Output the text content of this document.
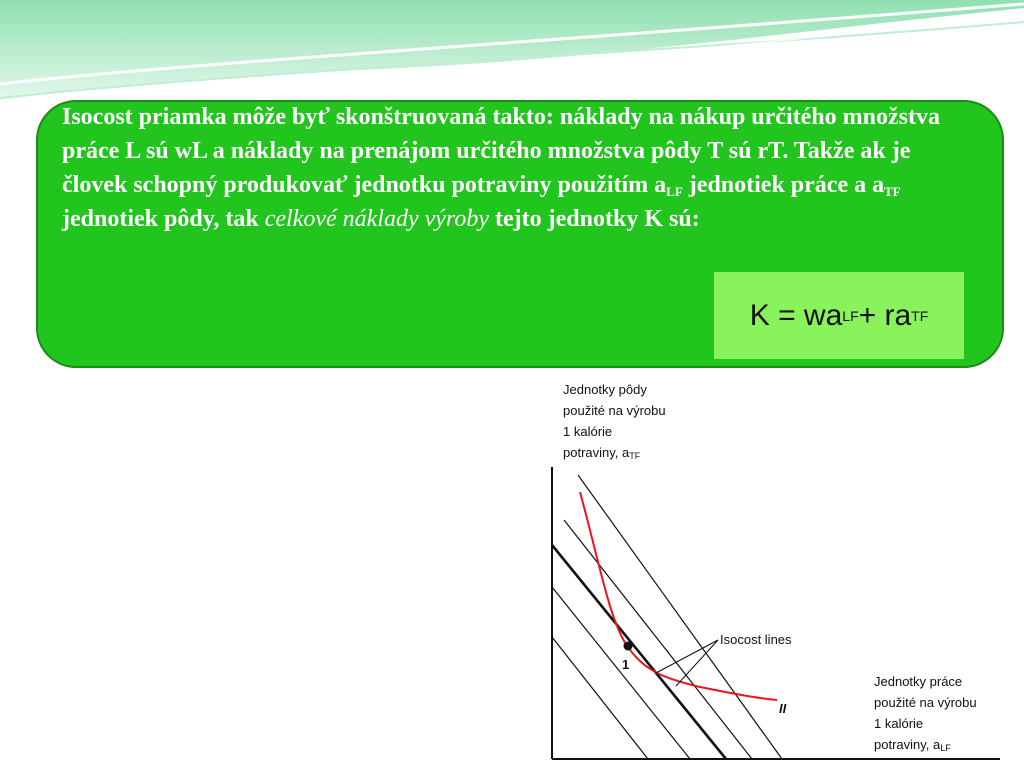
Isocost priamka môže byť skonštruovaná takto: náklady na nákup určitého množstva práce L sú wL a náklady na prenájom určitého množstva pôdy T sú rT. Takže ak je človek schopný produkovať jednotku potraviny použitím $a_{LF}$ jednotiek práce a $a_{TF}$ jednotiek pôdy, tak celkové náklady výroby tejto jednotky K sú:

K = wa LF + ra TF
Jednotky pôdy použité na výrobu 1 kalórie potraviny, aTF
1
Isocost lines
II
Jednotky práce použité na výrobu 1 kalórie potraviny, aLF
